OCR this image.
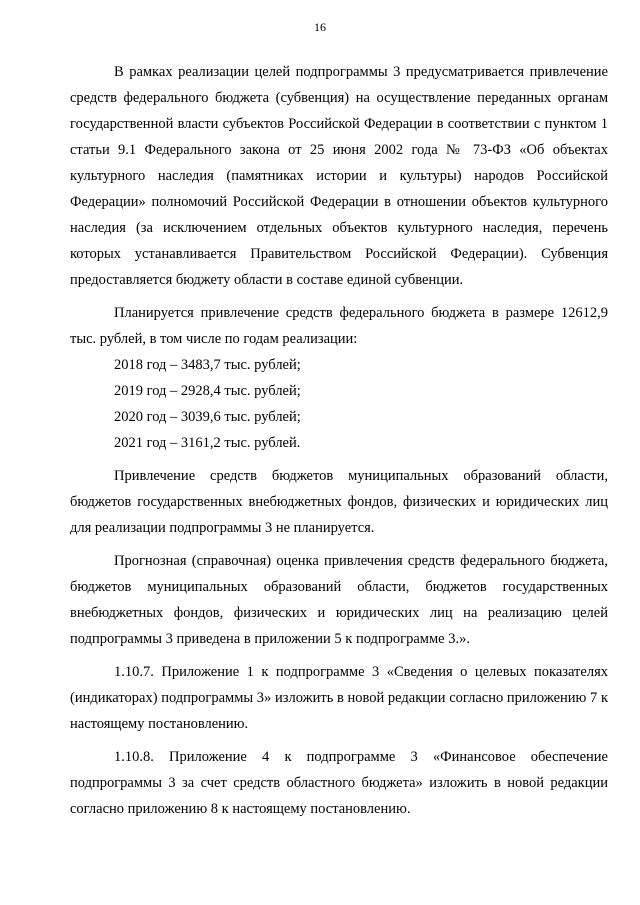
16

В рамках реализации целей подпрограммы 3 предусматривается привлечение средств федерального бюджета (субвенция) на осуществление переданных органам государственной власти субъектов Российской Федерации в соответствии с пунктом 1 статьи 9.1 Федерального закона от 25 июня 2002 года № 73-ФЗ «Об объектах культурного наследия (памятниках истории и культуры) народов Российской Федерации» полномочий Российской Федерации в отношении объектов культурного наследия (за исключением отдельных объектов культурного наследия, перечень которых устанавливается Правительством Российской Федерации). Субвенция предоставляется бюджету области в составе единой субвенции.

Планируется привлечение средств федерального бюджета в размере 12612,9 тыс. рублей, в том числе по годам реализации:

2018 год – 3483,7 тыс. рублей;

2019 год – 2928,4 тыс. рублей;

2020 год – 3039,6 тыс. рублей;

2021 год – 3161,2 тыс. рублей.

Привлечение средств бюджетов муниципальных образований области, бюджетов государственных внебюджетных фондов, физических и юридических лиц для реализации подпрограммы 3 не планируется.

Прогнозная (справочная) оценка привлечения средств федерального бюджета, бюджетов муниципальных образований области, бюджетов государственных внебюджетных фондов, физических и юридических лиц на реализацию целей подпрограммы 3 приведена в приложении 5 к подпрограмме 3.».

1.10.7. Приложение 1 к подпрограмме 3 «Сведения о целевых показателях (индикаторах) подпрограммы 3» изложить в новой редакции согласно приложению 7 к настоящему постановлению.

1.10.8. Приложение 4 к подпрограмме 3 «Финансовое обеспечение подпрограммы 3 за счет средств областного бюджета» изложить в новой редакции согласно приложению 8 к настоящему постановлению.
